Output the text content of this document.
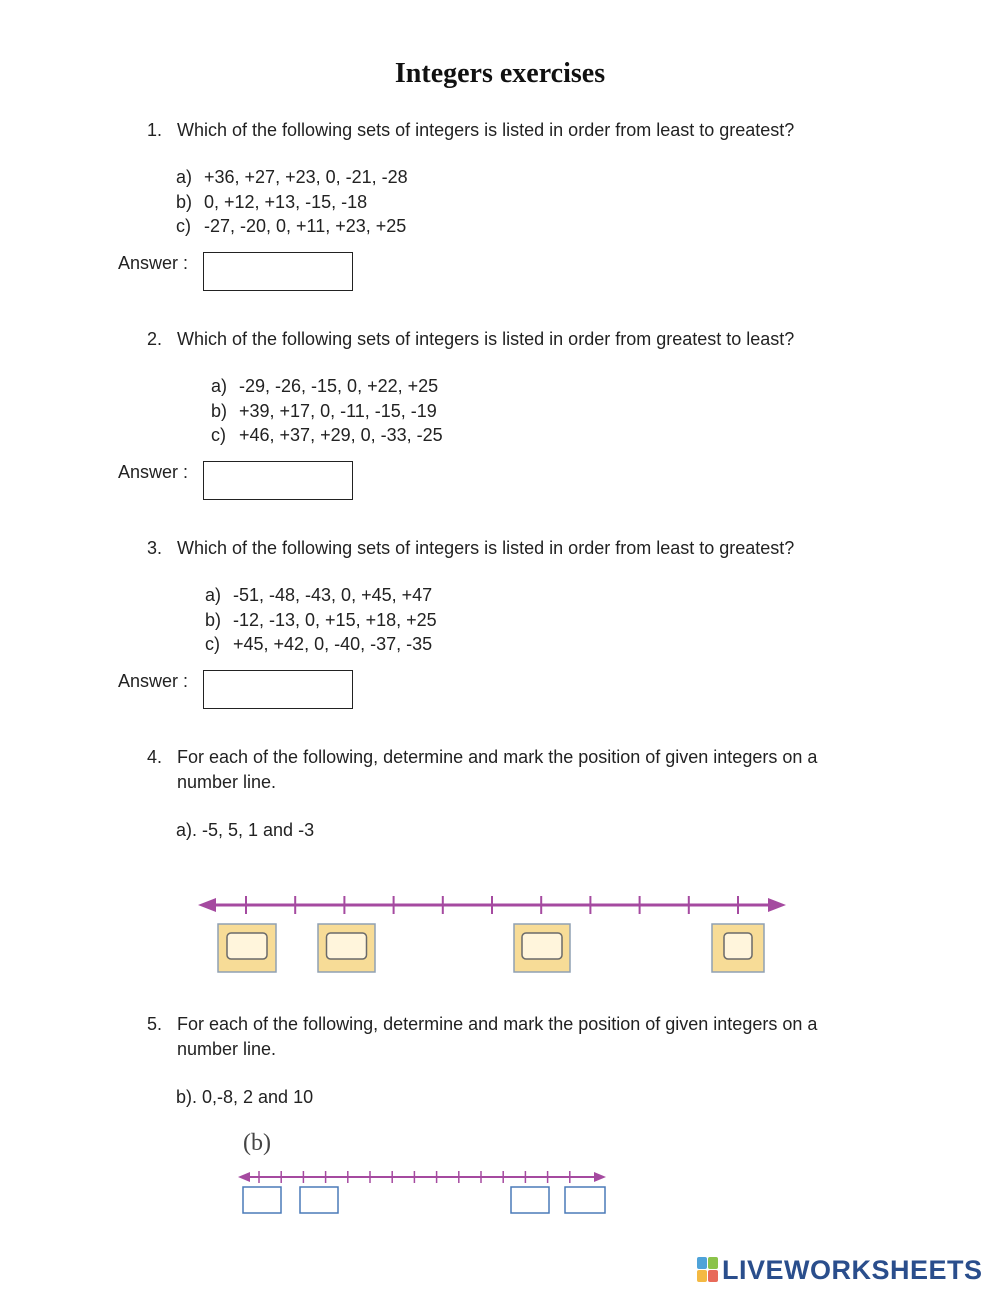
Integers exercises
1. Which of the following sets of integers is listed in order from least to greatest?
a) +36, +27, +23, 0, -21, -28
b) 0, +12, +13, -15, -18
c) -27, -20, 0, +11, +23, +25
Answer :
2. Which of the following sets of integers is listed in order from greatest to least?
a) -29, -26, -15, 0, +22, +25
b) +39, +17, 0, -11, -15, -19
c) +46, +37, +29, 0, -33, -25
Answer :
3. Which of the following sets of integers is listed in order from least to greatest?
a) -51, -48, -43, 0, +45, +47
b) -12, -13, 0, +15, +18, +25
c) +45, +42, 0, -40, -37, -35
Answer :
4. For each of the following, determine and mark the position of given integers on a number line.
a). -5, 5, 1 and -3
5. For each of the following, determine and mark the position of given integers on a number line.
b). 0,-8, 2 and 10
(b)
LIVEWORKSHEETS
